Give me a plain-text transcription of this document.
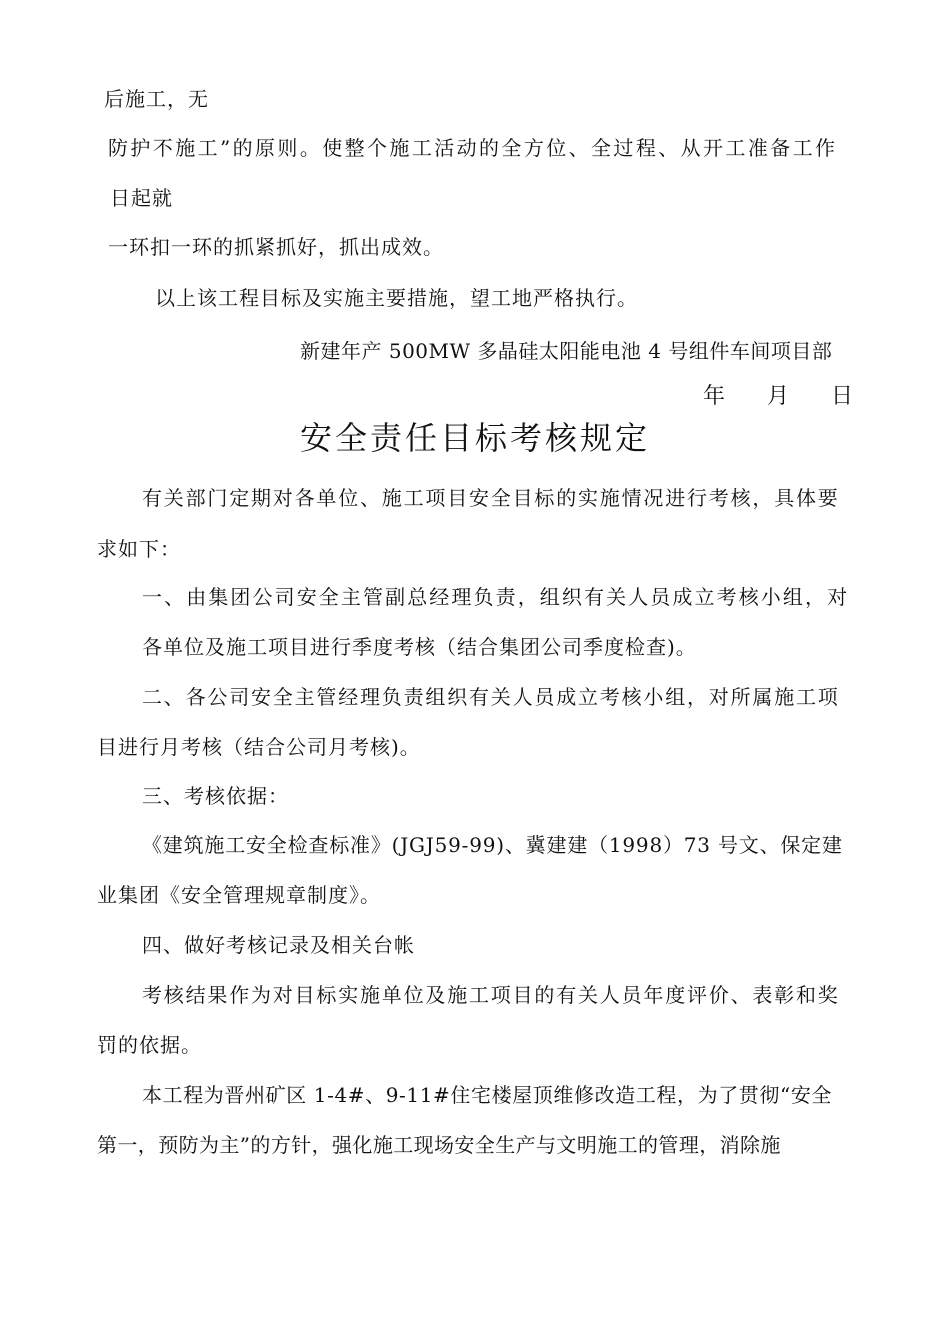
后施工，无
防护不施工”的原则。使整个施工活动的全方位、全过程、从开工准备工作
日起就
一环扣一环的抓紧抓好，抓出成效。
以上该工程目标及实施主要措施，望工地严格执行。
新建年产 500MW 多晶硅太阳能电池 4 号组件车间项目部
年 月 日
安全责任目标考核规定
有关部门定期对各单位、施工项目安全目标的实施情况进行考核，具体要
求如下：
一、由集团公司安全主管副总经理负责，组织有关人员成立考核小组，对
各单位及施工项目进行季度考核（结合集团公司季度检查)。
二、各公司安全主管经理负责组织有关人员成立考核小组，对所属施工项
目进行月考核（结合公司月考核)。
三、考核依据：
《建筑施工安全检查标准》(JGJ59-99)、冀建建（1998）73 号文、保定建
业集团《安全管理规章制度》。
四、做好考核记录及相关台帐
考核结果作为对目标实施单位及施工项目的有关人员年度评价、表彰和奖
罚的依据。
本工程为晋州矿区 1-4#、9-11#住宅楼屋顶维修改造工程，为了贯彻“安全
第一，预防为主”的方针，强化施工现场安全生产与文明施工的管理，消除施
